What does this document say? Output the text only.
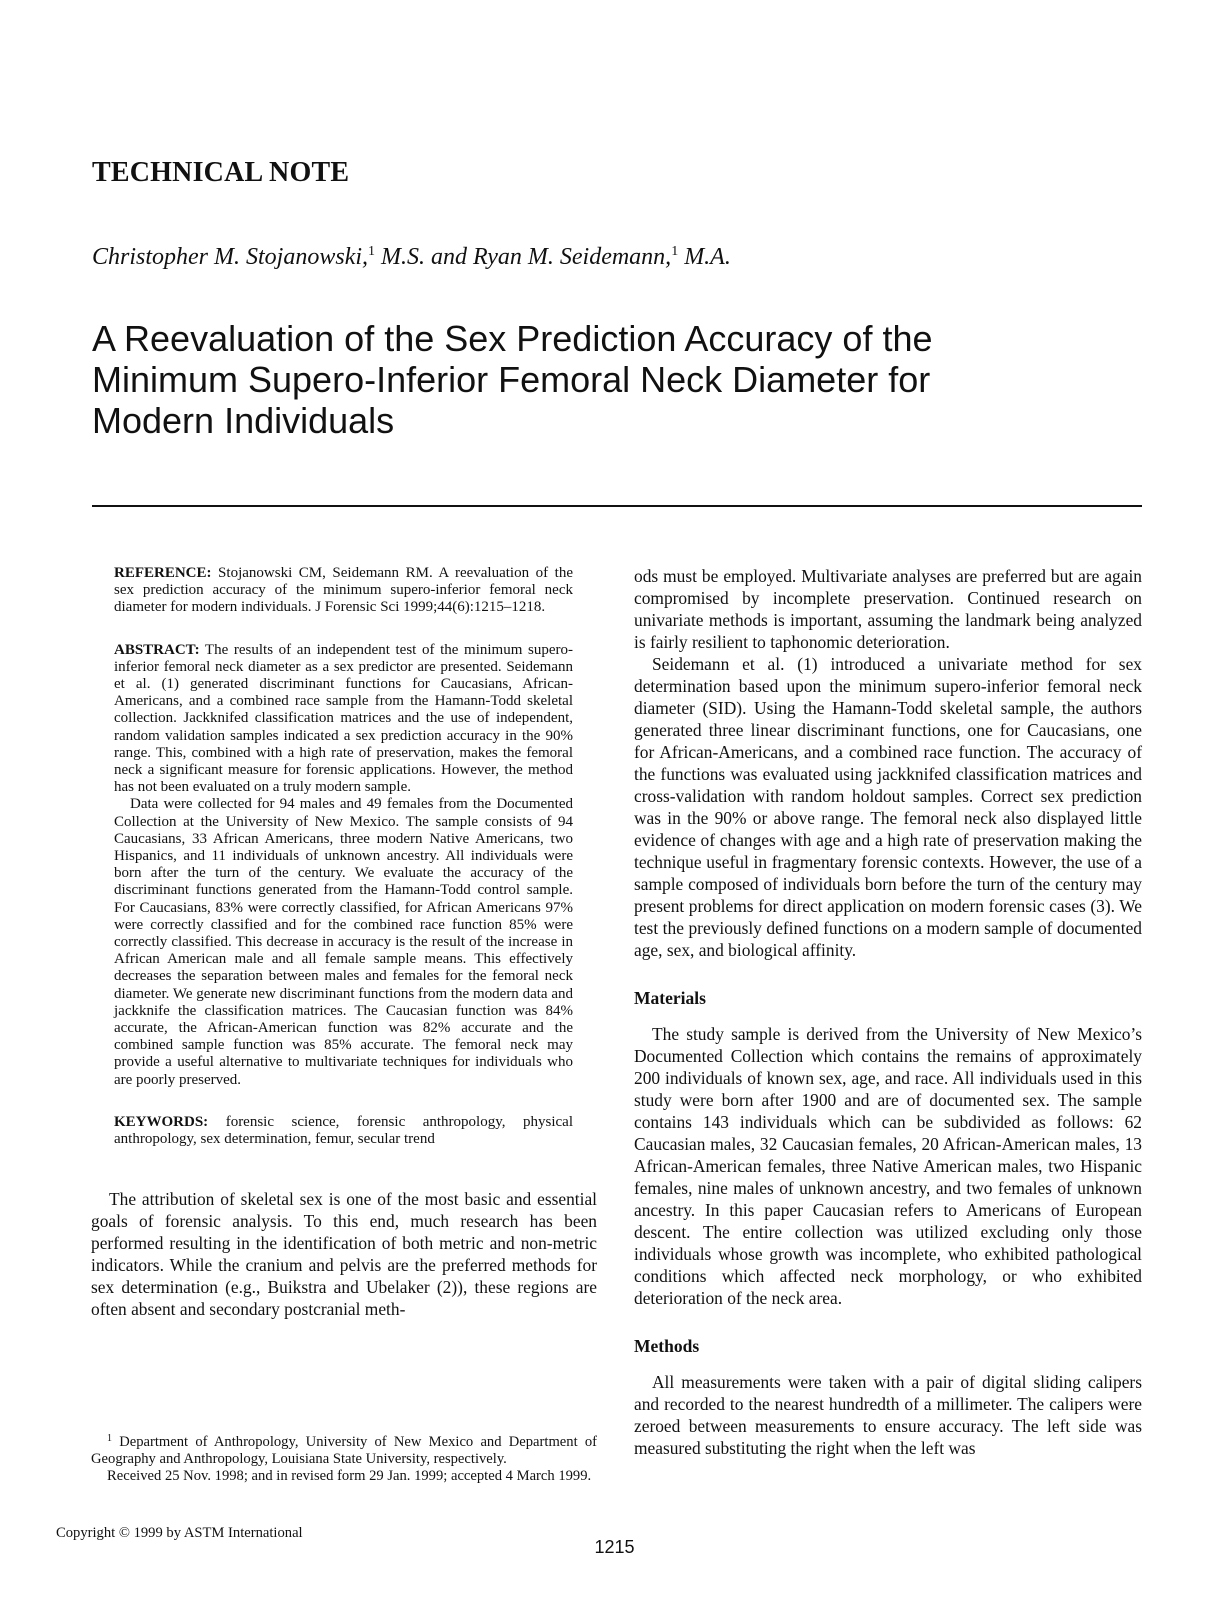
TECHNICAL NOTE
Christopher M. Stojanowski,$^1$ M.S. and Ryan M. Seidemann,$^1$ M.A.
A Reevaluation of the Sex Prediction Accuracy of the Minimum Supero-Inferior Femoral Neck Diameter for Modern Individuals

REFERENCE: Stojanowski CM, Seidemann RM. A reevaluation of the sex prediction accuracy of the minimum supero-inferior femoral neck diameter for modern individuals. J Forensic Sci 1999;44(6):1215–1218.

ABSTRACT: The results of an independent test of the minimum supero-inferior femoral neck diameter as a sex predictor are presented. Seidemann et al. (1) generated discriminant functions for Caucasians, African-Americans, and a combined race sample from the Hamann-Todd skeletal collection. Jackknifed classification matrices and the use of independent, random validation samples indicated a sex prediction accuracy in the 90% range. This, combined with a high rate of preservation, makes the femoral neck a significant measure for forensic applications. However, the method has not been evaluated on a truly modern sample.

Data were collected for 94 males and 49 females from the Documented Collection at the University of New Mexico. The sample consists of 94 Caucasians, 33 African Americans, three modern Native Americans, two Hispanics, and 11 individuals of unknown ancestry. All individuals were born after the turn of the century. We evaluate the accuracy of the discriminant functions generated from the Hamann-Todd control sample. For Caucasians, 83% were correctly classified, for African Americans 97% were correctly classified and for the combined race function 85% were correctly classified. This decrease in accuracy is the result of the increase in African American male and all female sample means. This effectively decreases the separation between males and females for the femoral neck diameter. We generate new discriminant functions from the modern data and jackknife the classification matrices. The Caucasian function was 84% accurate, the African-American function was 82% accurate and the combined sample function was 85% accurate. The femoral neck may provide a useful alternative to multivariate techniques for individuals who are poorly preserved.

KEYWORDS: forensic science, forensic anthropology, physical anthropology, sex determination, femur, secular trend

The attribution of skeletal sex is one of the most basic and essential goals of forensic analysis. To this end, much research has been performed resulting in the identification of both metric and non-metric indicators. While the cranium and pelvis are the preferred methods for sex determination (e.g., Buikstra and Ubelaker (2)), these regions are often absent and secondary postcranial meth-

ods must be employed. Multivariate analyses are preferred but are again compromised by incomplete preservation. Continued research on univariate methods is important, assuming the landmark being analyzed is fairly resilient to taphonomic deterioration.

Seidemann et al. (1) introduced a univariate method for sex determination based upon the minimum supero-inferior femoral neck diameter (SID). Using the Hamann-Todd skeletal sample, the authors generated three linear discriminant functions, one for Caucasians, one for African-Americans, and a combined race function. The accuracy of the functions was evaluated using jackknifed classification matrices and cross-validation with random holdout samples. Correct sex prediction was in the 90% or above range. The femoral neck also displayed little evidence of changes with age and a high rate of preservation making the technique useful in fragmentary forensic contexts. However, the use of a sample composed of individuals born before the turn of the century may present problems for direct application on modern forensic cases (3). We test the previously defined functions on a modern sample of documented age, sex, and biological affinity.

Materials

The study sample is derived from the University of New Mexico’s Documented Collection which contains the remains of approximately 200 individuals of known sex, age, and race. All individuals used in this study were born after 1900 and are of documented sex. The sample contains 143 individuals which can be subdivided as follows: 62 Caucasian males, 32 Caucasian females, 20 African-American males, 13 African-American females, three Native American males, two Hispanic females, nine males of unknown ancestry, and two females of unknown ancestry. In this paper Caucasian refers to Americans of European descent. The entire collection was utilized excluding only those individuals whose growth was incomplete, who exhibited pathological conditions which affected neck morphology, or who exhibited deterioration of the neck area.

Methods

All measurements were taken with a pair of digital sliding calipers and recorded to the nearest hundredth of a millimeter. The calipers were zeroed between measurements to ensure accuracy. The left side was measured substituting the right when the left was

$^1$ Department of Anthropology, University of New Mexico and Department of Geography and Anthropology, Louisiana State University, respectively.

Received 25 Nov. 1998; and in revised form 29 Jan. 1999; accepted 4 March 1999.

Copyright © 1999 by ASTM International
1215
